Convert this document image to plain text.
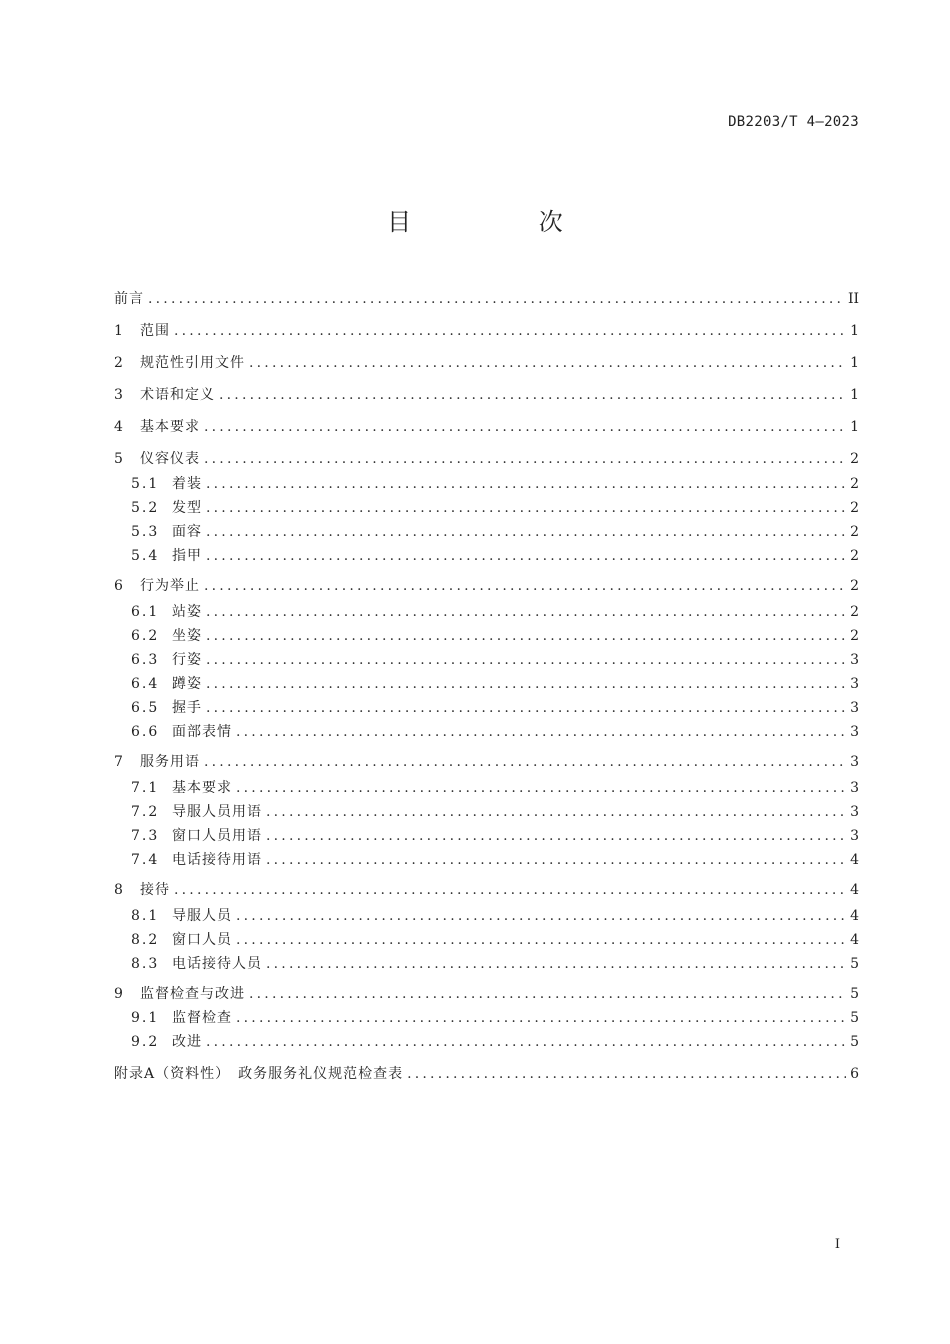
DB2203/T 4—2023
目 次
前言 .....	II
1	范围 .....	1
2	规范性引用文件 .....	1
3	术语和定义 .....	1
4	基本要求 .....	1
5	仪容仪表 .....	2
5.1 着装 .....	2
5.2 发型 .....	2
5.3 面容 .....	2
5.4 指甲 .....	2
6	行为举止 .....	2
6.1 站姿 .....	2
6.2 坐姿 .....	2
6.3 行姿 .....	3
6.4 蹲姿 .....	3
6.5 握手 .....	3
6.6 面部表情 .....	3
7	服务用语 .....	3
7.1 基本要求 .....	3
7.2 导服人员用语 .....	3
7.3 窗口人员用语 .....	3
7.4 电话接待用语 .....	4
8	接待 .....	4
8.1 导服人员 .....	4
8.2 窗口人员 .....	4
8.3 电话接待人员 .....	5
9	监督检查与改进 .....	5
9.1 监督检查 .....	5
9.2 改进 .....	5
附录A（资料性）　政务服务礼仪规范检查表 .....	6
I
